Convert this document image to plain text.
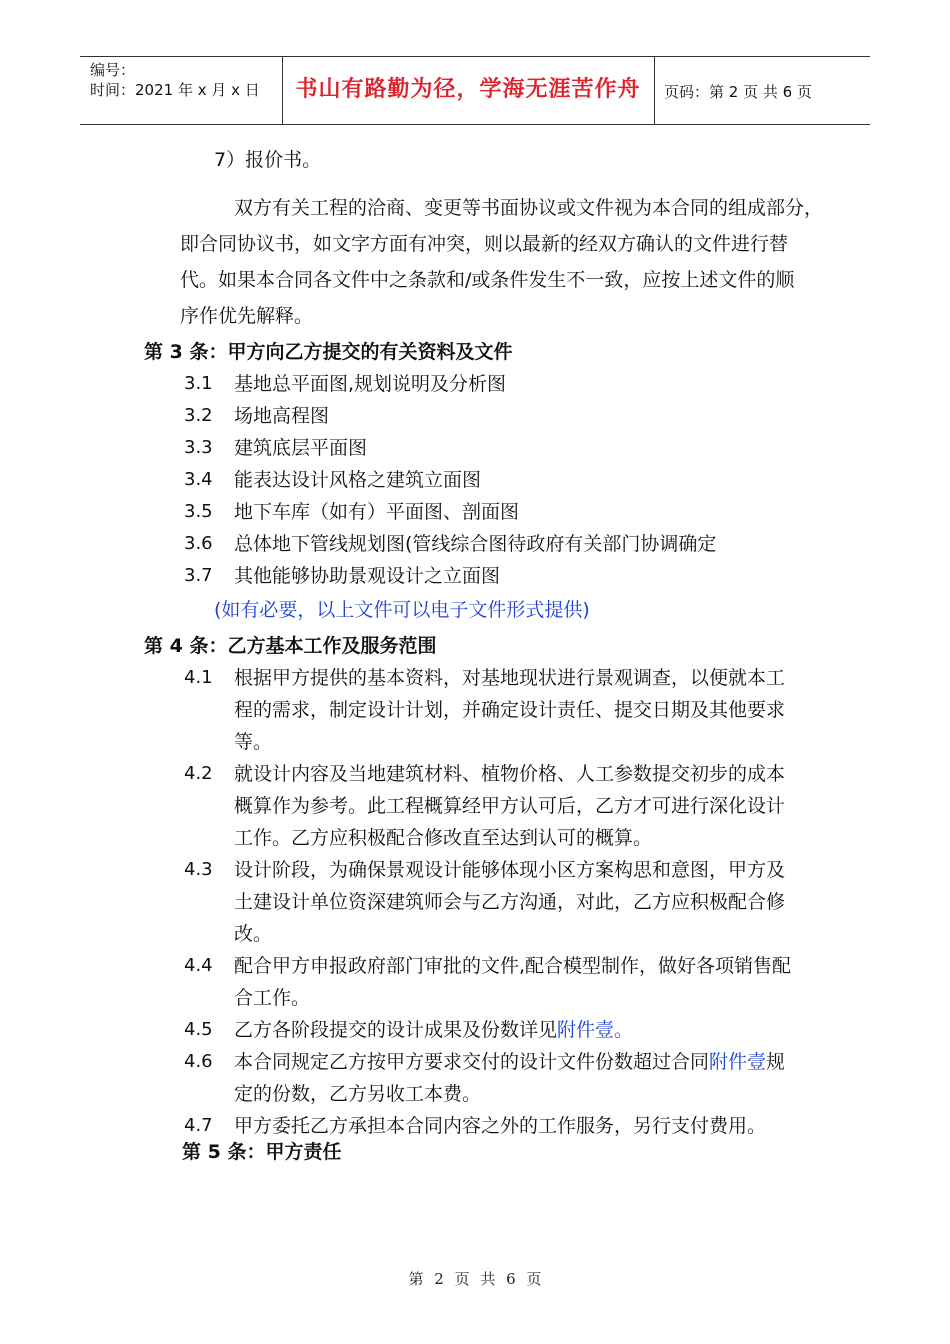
编号：
时间：2021 年 x 月 x 日	书山有路勤为径，学海无涯苦作舟	页码：第 2 页 共 6 页
7）报价书。
双方有关工程的洽商、变更等书面协议或文件视为本合同的组成部分，
即合同协议书，如文字方面有冲突，则以最新的经双方确认的文件进行替
代。如果本合同各文件中之条款和/或条件发生不一致，应按上述文件的顺
序作优先解释。
第 3 条：甲方向乙方提交的有关资料及文件
3.1 基地总平面图,规划说明及分析图
3.2 场地高程图
3.3 建筑底层平面图
3.4 能表达设计风格之建筑立面图
3.5 地下车库（如有）平面图、剖面图
3.6 总体地下管线规划图(管线综合图待政府有关部门协调确定
3.7 其他能够协助景观设计之立面图
(如有必要，以上文件可以电子文件形式提供)
第 4 条：乙方基本工作及服务范围
4.1 根据甲方提供的基本资料，对基地现状进行景观调查，以便就本工
程的需求，制定设计计划，并确定设计责任、提交日期及其他要求
等。
4.2 就设计内容及当地建筑材料、植物价格、人工参数提交初步的成本
概算作为参考。此工程概算经甲方认可后，乙方才可进行深化设计
工作。乙方应积极配合修改直至达到认可的概算。
4.3 设计阶段，为确保景观设计能够体现小区方案构思和意图，甲方及
土建设计单位资深建筑师会与乙方沟通，对此，乙方应积极配合修
改。
4.4 配合甲方申报政府部门审批的文件,配合模型制作，做好各项销售配
合工作。
4.5 乙方各阶段提交的设计成果及份数详见附件壹。
4.6 本合同规定乙方按甲方要求交付的设计文件份数超过合同附件壹规
定的份数，乙方另收工本费。
4.7 甲方委托乙方承担本合同内容之外的工作服务，另行支付费用。
第 5 条：甲方责任
第 2 页 共 6 页
